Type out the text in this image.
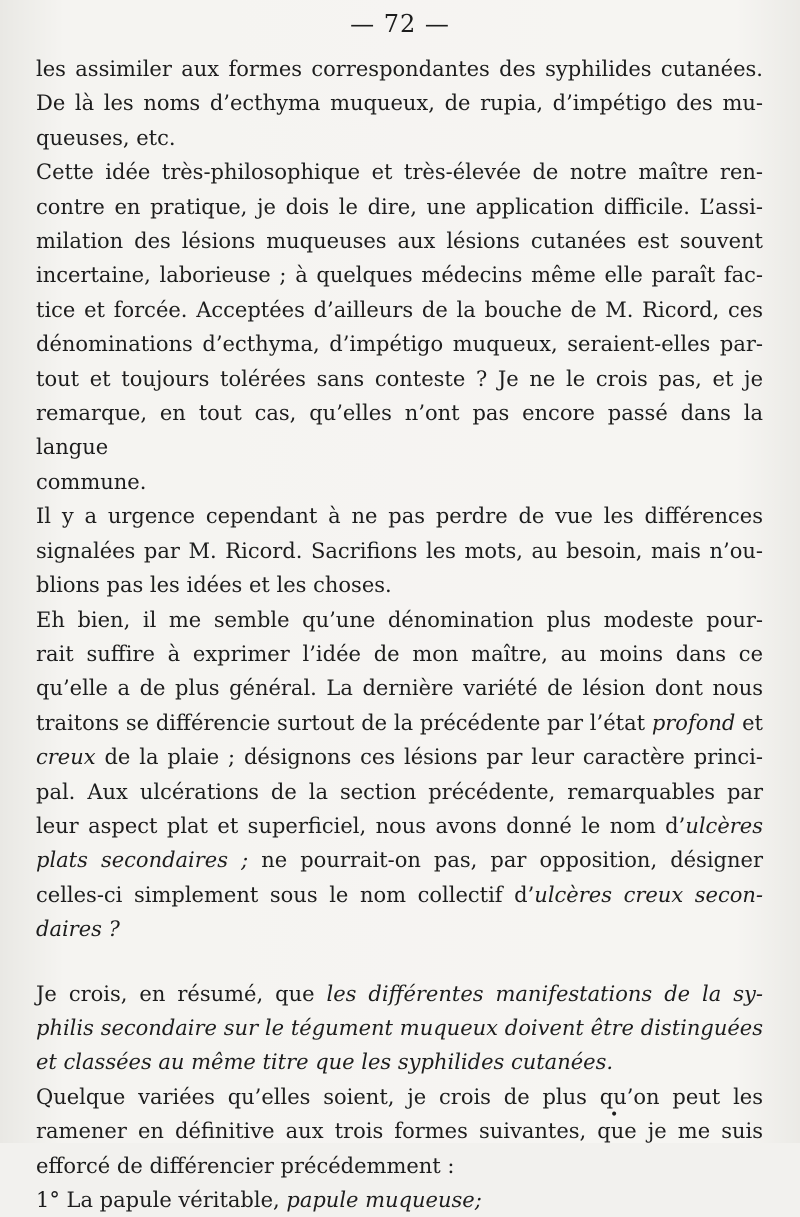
— 72 —

les assimiler aux formes correspondantes des syphilides cutanées.
De là les noms d’ecthyma muqueux, de rupia, d’impétigo des mu-
queuses, etc.

Cette idée très-philosophique et très-élevée de notre maître ren-
contre en pratique, je dois le dire, une application difficile. L’assi-
milation des lésions muqueuses aux lésions cutanées est souvent
incertaine, laborieuse ; à quelques médecins même elle paraît fac-
tice et forcée. Acceptées d’ailleurs de la bouche de M. Ricord, ces
dénominations d’ecthyma, d’impétigo muqueux, seraient-elles par-
tout et toujours tolérées sans conteste ? Je ne le crois pas, et je
remarque, en tout cas, qu’elles n’ont pas encore passé dans la langue
commune.

Il y a urgence cependant à ne pas perdre de vue les différences
signalées par M. Ricord. Sacrifions les mots, au besoin, mais n’ou-
blions pas les idées et les choses.

Eh bien, il me semble qu’une dénomination plus modeste pour-
rait suffire à exprimer l’idée de mon maître, au moins dans ce
qu’elle a de plus général. La dernière variété de lésion dont nous
traitons se différencie surtout de la précédente par l’état profond et
creux de la plaie ; désignons ces lésions par leur caractère princi-
pal. Aux ulcérations de la section précédente, remarquables par
leur aspect plat et superficiel, nous avons donné le nom d’ulcères
plats secondaires ; ne pourrait-on pas, par opposition, désigner
celles-ci simplement sous le nom collectif d’ulcères creux secon-
daires ?

Je crois, en résumé, que les différentes manifestations de la sy-
philis secondaire sur le tégument muqueux doivent être distinguées
et classées au même titre que les syphilides cutanées.

Quelque variées qu’elles soient, je crois de plus qu’on peut les
ramener en définitive aux trois formes suivantes, que je me suis
efforcé de différencier précédemment :

1° La papule véritable, papule muqueuse;

•
